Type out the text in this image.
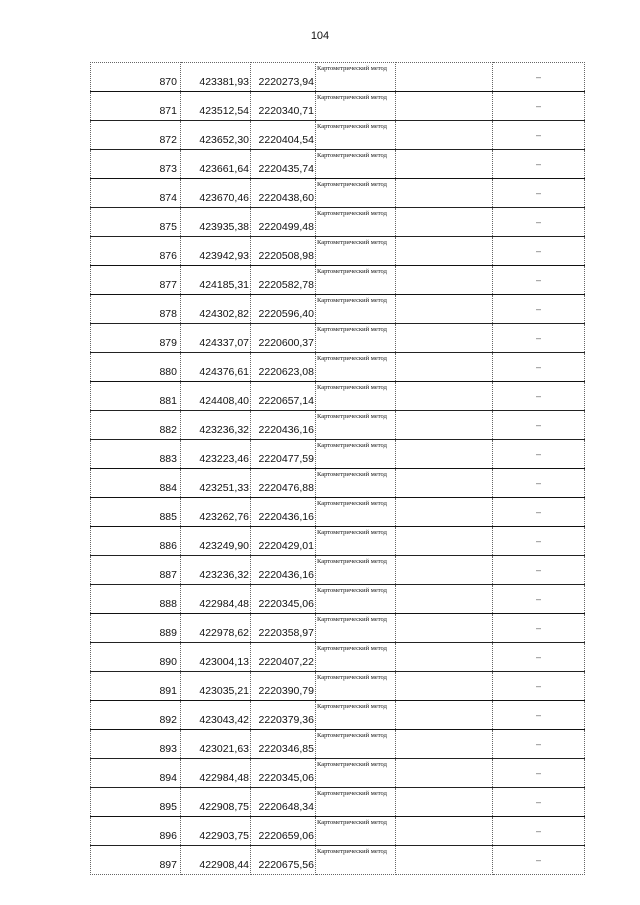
104
870	423381,93	2220273,94	Картометрический метод		–

871	423512,54	2220340,71	Картометрический метод		–

872	423652,30	2220404,54	Картометрический метод		–

873	423661,64	2220435,74	Картометрический метод		–

874	423670,46	2220438,60	Картометрический метод		–

875	423935,38	2220499,48	Картометрический метод		–

876	423942,93	2220508,98	Картометрический метод		–

877	424185,31	2220582,78	Картометрический метод		–

878	424302,82	2220596,40	Картометрический метод		–

879	424337,07	2220600,37	Картометрический метод		–

880	424376,61	2220623,08	Картометрический метод		–

881	424408,40	2220657,14	Картометрический метод		–

882	423236,32	2220436,16	Картометрический метод		–

883	423223,46	2220477,59	Картометрический метод		–

884	423251,33	2220476,88	Картометрический метод		–

885	423262,76	2220436,16	Картометрический метод		–

886	423249,90	2220429,01	Картометрический метод		–

887	423236,32	2220436,16	Картометрический метод		–

888	422984,48	2220345,06	Картометрический метод		–

889	422978,62	2220358,97	Картометрический метод		–

890	423004,13	2220407,22	Картометрический метод		–

891	423035,21	2220390,79	Картометрический метод		–

892	423043,42	2220379,36	Картометрический метод		–

893	423021,63	2220346,85	Картометрический метод		–

894	422984,48	2220345,06	Картометрический метод		–

895	422908,75	2220648,34	Картометрический метод		–

896	422903,75	2220659,06	Картометрический метод		–

897	422908,44	2220675,56	Картометрический метод		–
